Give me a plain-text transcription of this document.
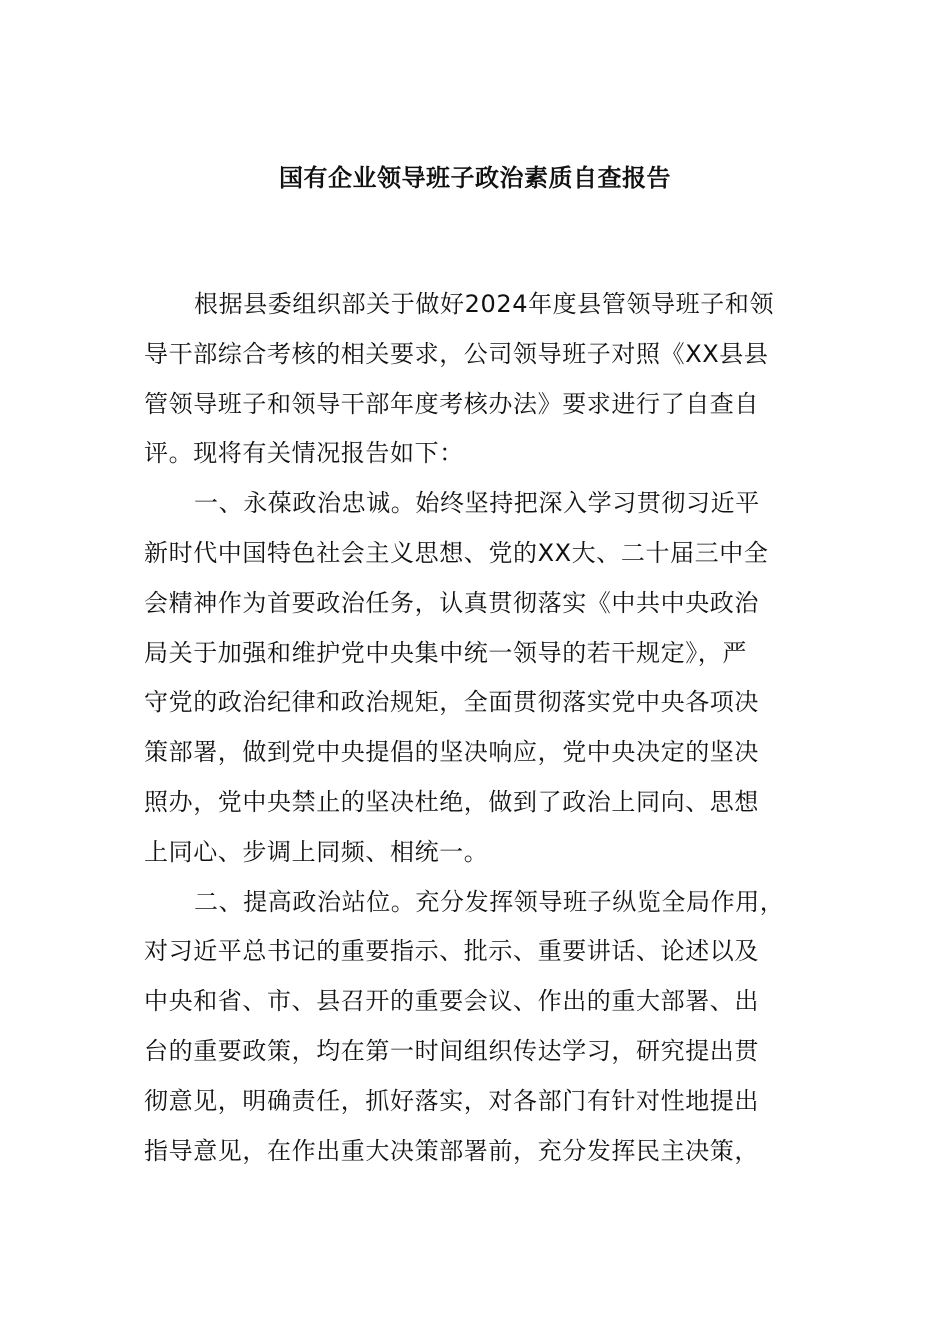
国有企业领导班子政治素质自查报告
根据县委组织部关于做好2024年度县管领导班子和领
导干部综合考核的相关要求，公司领导班子对照《XX县县
管领导班子和领导干部年度考核办法》要求进行了自查自
评。现将有关情况报告如下：
一、永葆政治忠诚。始终坚持把深入学习贯彻习近平
新时代中国特色社会主义思想、党的XX大、二十届三中全
会精神作为首要政治任务，认真贯彻落实《中共中央政治
局关于加强和维护党中央集中统一领导的若干规定》，严
守党的政治纪律和政治规矩，全面贯彻落实党中央各项决
策部署，做到党中央提倡的坚决响应，党中央决定的坚决
照办，党中央禁止的坚决杜绝，做到了政治上同向、思想
上同心、步调上同频、相统一。
二、提高政治站位。充分发挥领导班子纵览全局作用，
对习近平总书记的重要指示、批示、重要讲话、论述以及
中央和省、市、县召开的重要会议、作出的重大部署、出
台的重要政策，均在第一时间组织传达学习，研究提出贯
彻意见，明确责任，抓好落实，对各部门有针对性地提出
指导意见，在作出重大决策部署前，充分发挥民主决策，
